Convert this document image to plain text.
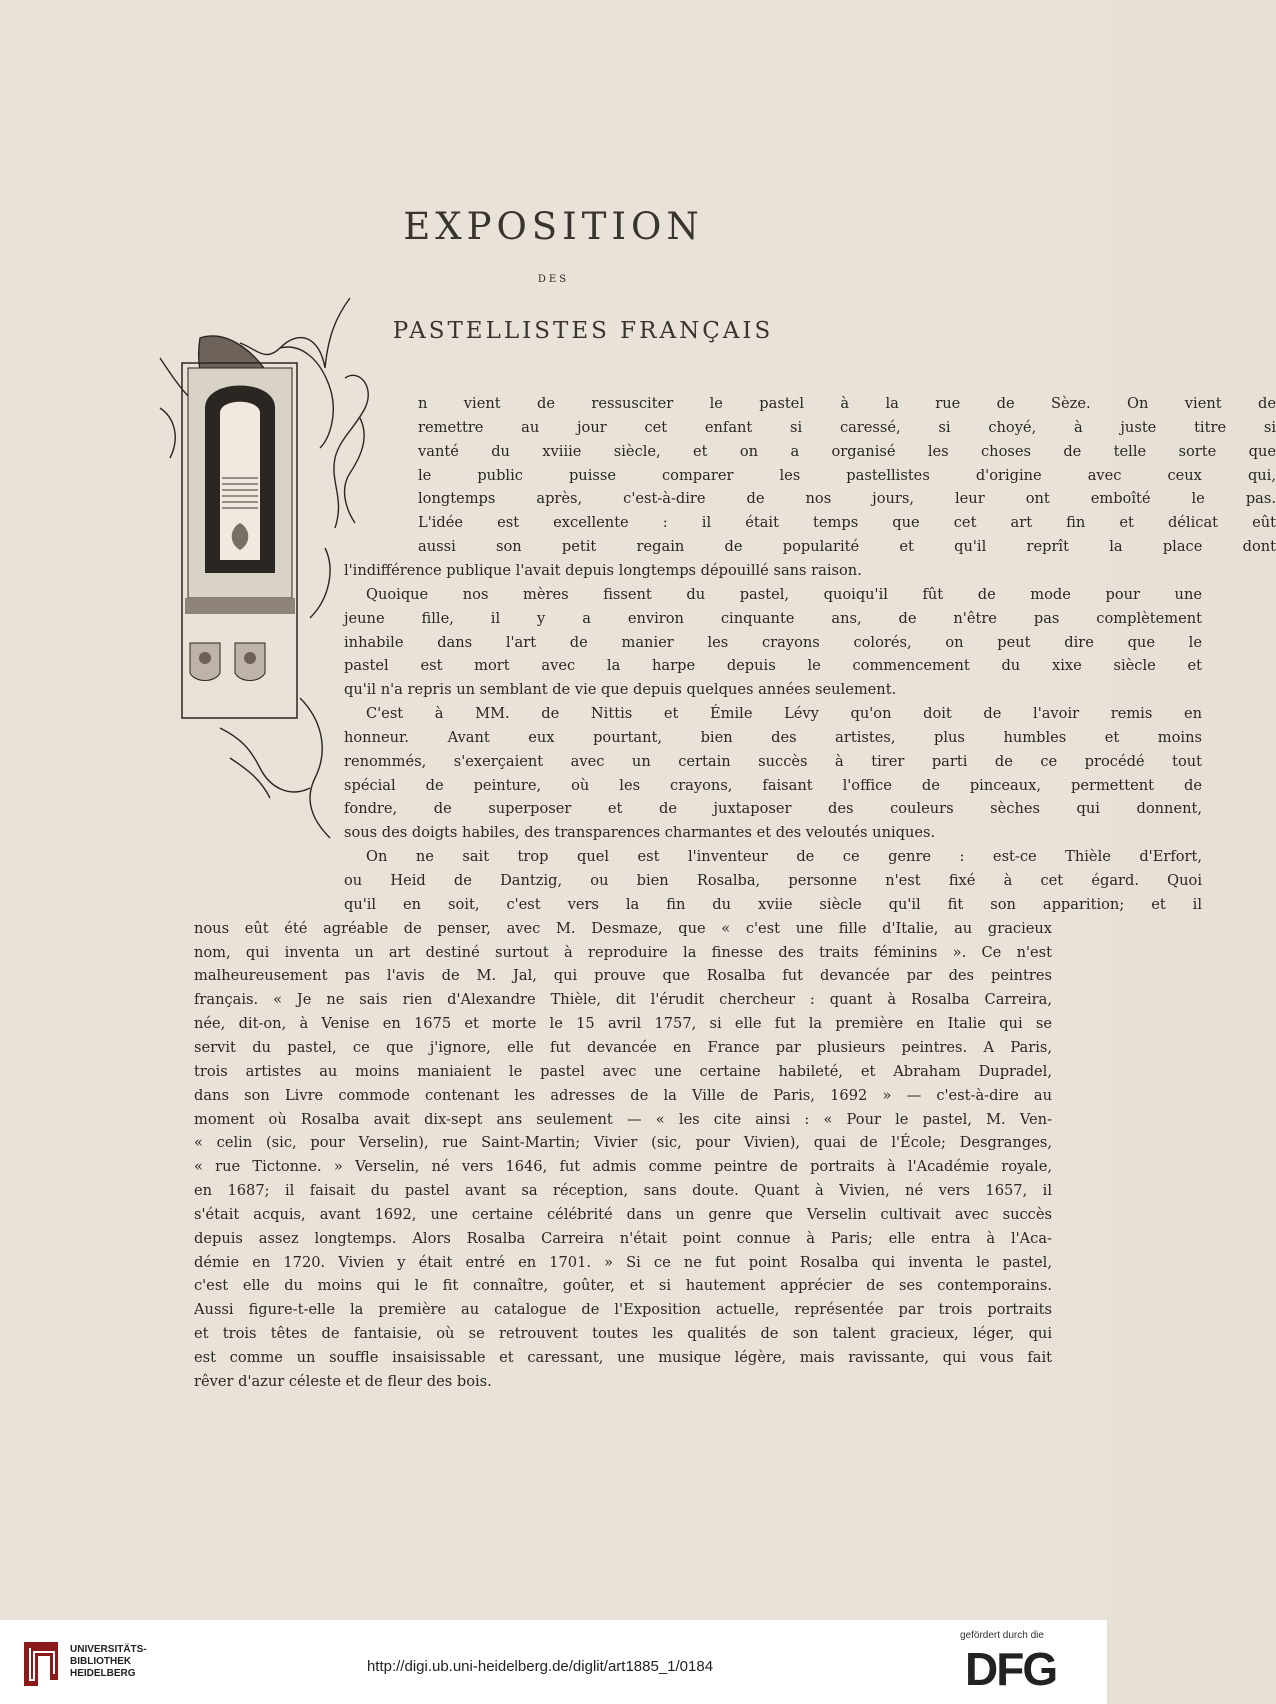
EXPOSITION
DES
PASTELLISTES FRANÇAIS
n vient de ressusciter le pastel à la rue de Sèze. On vient de
remettre au jour cet enfant si caressé, si choyé, à juste titre si
vanté du xviiie siècle, et on a organisé les choses de telle sorte que
le public puisse comparer les pastellistes d'origine avec ceux qui,
longtemps après, c'est-à-dire de nos jours, leur ont emboîté le pas.
L'idée est excellente : il était temps que cet art fin et délicat eût
aussi son petit regain de popularité et qu'il reprît la place dont
l'indifférence publique l'avait depuis longtemps dépouillé sans raison.
Quoique nos mères fissent du pastel, quoiqu'il fût de mode pour une
jeune fille, il y a environ cinquante ans, de n'être pas complètement
inhabile dans l'art de manier les crayons colorés, on peut dire que le
pastel est mort avec la harpe depuis le commencement du xixe siècle et
qu'il n'a repris un semblant de vie que depuis quelques années seulement.
C'est à MM. de Nittis et Émile Lévy qu'on doit de l'avoir remis en
honneur. Avant eux pourtant, bien des artistes, plus humbles et moins
renommés, s'exerçaient avec un certain succès à tirer parti de ce procédé tout
spécial de peinture, où les crayons, faisant l'office de pinceaux, permettent de
fondre, de superposer et de juxtaposer des couleurs sèches qui donnent,
sous des doigts habiles, des transparences charmantes et des veloutés uniques.
On ne sait trop quel est l'inventeur de ce genre : est-ce Thièle d'Erfort,
ou Heid de Dantzig, ou bien Rosalba, personne n'est fixé à cet égard. Quoi
qu'il en soit, c'est vers la fin du xviie siècle qu'il fit son apparition; et il
nous eût été agréable de penser, avec M. Desmaze, que « c'est une fille d'Italie, au gracieux
nom, qui inventa un art destiné surtout à reproduire la finesse des traits féminins ». Ce n'est
malheureusement pas l'avis de M. Jal, qui prouve que Rosalba fut devancée par des peintres
français. « Je ne sais rien d'Alexandre Thièle, dit l'érudit chercheur : quant à Rosalba Carreira,
née, dit-on, à Venise en 1675 et morte le 15 avril 1757, si elle fut la première en Italie qui se
servit du pastel, ce que j'ignore, elle fut devancée en France par plusieurs peintres. A Paris,
trois artistes au moins maniaient le pastel avec une certaine habileté, et Abraham Dupradel,
dans son Livre commode contenant les adresses de la Ville de Paris, 1692 » — c'est-à-dire au
moment où Rosalba avait dix-sept ans seulement — « les cite ainsi : « Pour le pastel, M. Ven-
« celin (sic, pour Verselin), rue Saint-Martin; Vivier (sic, pour Vivien), quai de l'École; Desgranges,
« rue Tictonne. » Verselin, né vers 1646, fut admis comme peintre de portraits à l'Académie royale,
en 1687; il faisait du pastel avant sa réception, sans doute. Quant à Vivien, né vers 1657, il
s'était acquis, avant 1692, une certaine célébrité dans un genre que Verselin cultivait avec succès
depuis assez longtemps. Alors Rosalba Carreira n'était point connue à Paris; elle entra à l'Aca-
démie en 1720. Vivien y était entré en 1701. » Si ce ne fut point Rosalba qui inventa le pastel,
c'est elle du moins qui le fit connaître, goûter, et si hautement apprécier de ses contemporains.
Aussi figure-t-elle la première au catalogue de l'Exposition actuelle, représentée par trois portraits
et trois têtes de fantaisie, où se retrouvent toutes les qualités de son talent gracieux, léger, qui
est comme un souffle insaisissable et caressant, une musique légère, mais ravissante, qui vous fait
rêver d'azur céleste et de fleur des bois.
UNIVERSITÄTS-
BIBLIOTHEK
HEIDELBERG	http://digi.ub.uni-heidelberg.de/diglit/art1885_1/0184
gefördert durch die
DFG
